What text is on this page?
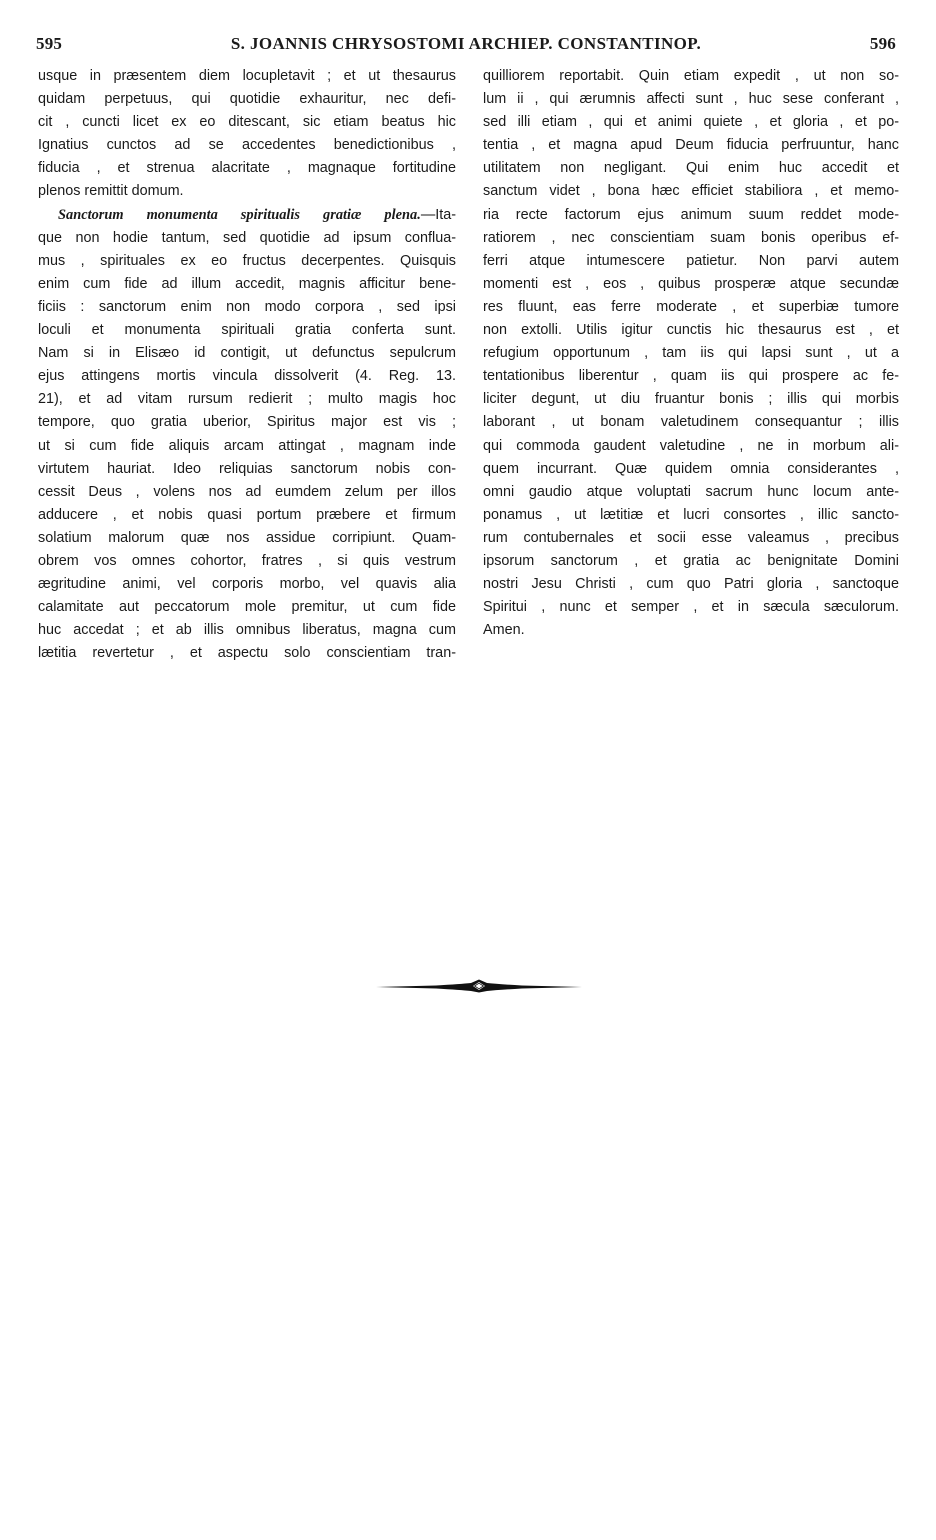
595	S. JOANNIS CHRYSOSTOMI ARCHIEP. CONSTANTINOP.	596
usque in præsentem diem locupletavit ; et ut thesaurus
quidam perpetuus, qui quotidie exhauritur, nec defi-
cit , cuncti licet ex eo ditescant, sic etiam beatus hic
Ignatius cunctos ad se accedentes benedictionibus ,
fiducia , et strenua alacritate , magnaque fortitudine
plenos remittit domum.
Sanctorum monumenta spiritualis gratiæ plena.—Ita-
que non hodie tantum, sed quotidie ad ipsum confluа-
mus , spirituales ex eo fructus decerpentes. Quisquis
enim cum fide ad illum accedit, magnis afficitur bene-
ficiis : sanctorum enim non modo corpora , sed ipsi
loculi et monumenta spirituali gratia conferta sunt.
Nam si in Elisæo id contigit, ut defunctus sepulcrum
ejus attingens mortis vincula dissolverit (4. Reg. 13.
21), et ad vitam rursum redierit ; multo magis hoc
tempore, quo gratia uberior, Spiritus major est vis ;
ut si cum fide aliquis arcam attingat , magnam inde
virtutem hauriat. Ideo reliquias sanctorum nobis con-
cessit Deus , volens nos ad eumdem zelum per illos
adducere , et nobis quasi portum præbere et firmum
solatium malorum quæ nos assidue corripiunt. Quam-
obrem vos omnes cohortor, fratres , si quis vestrum
ægritudine animi, vel corporis morbo, vel quavis alia
calamitate aut peccatorum mole premitur, ut cum fide
huc accedat ; et ab illis omnibus liberatus, magna cum
lætitia revertetur , et aspectu solo conscientiam tran-
quilliorem reportabit. Quin etiam expedit , ut non so-
lum ii , qui ærumnis affecti sunt , huc sese conferant ,
sed illi etiam , qui et animi quiete , et gloria , et po-
tentia , et magna apud Deum fiducia perfruuntur, hanc
utilitatem non negligant. Qui enim huc accedit et
sanctum videt , bona hæc efficiet stabiliora , et memo-
ria recte factorum ejus animum suum reddet mode-
ratiorem , nec conscientiam suam bonis operibus ef-
ferri atque intumescere patietur. Non parvi autem
momenti est , eos , quibus prosperæ atque secundæ
res fluunt, eas ferre moderate , et superbiæ tumore
non extolli. Utilis igitur cunctis hic thesaurus est , et
refugium opportunum , tam iis qui lapsi sunt , ut a
tentationibus liberentur , quam iis qui prospere ac fe-
liciter degunt, ut diu fruantur bonis ; illis qui morbis
laborant , ut bonam valetudinem consequantur ; illis
qui commoda gaudent valetudine , ne in morbum ali-
quem incurrant. Quæ quidem omnia considerantes ,
omni gaudio atque voluptati sacrum hunc locum ante-
ponamus , ut lætitiæ et lucri consortes , illic sancto-
rum contubernales et socii esse valeamus , precibus
ipsorum sanctorum , et gratia ac benignitate Domini
nostri Jesu Christi , cum quo Patri gloria , sanctoque
Spiritui , nunc et semper , et in sæcula sæculorum.
Amen.
